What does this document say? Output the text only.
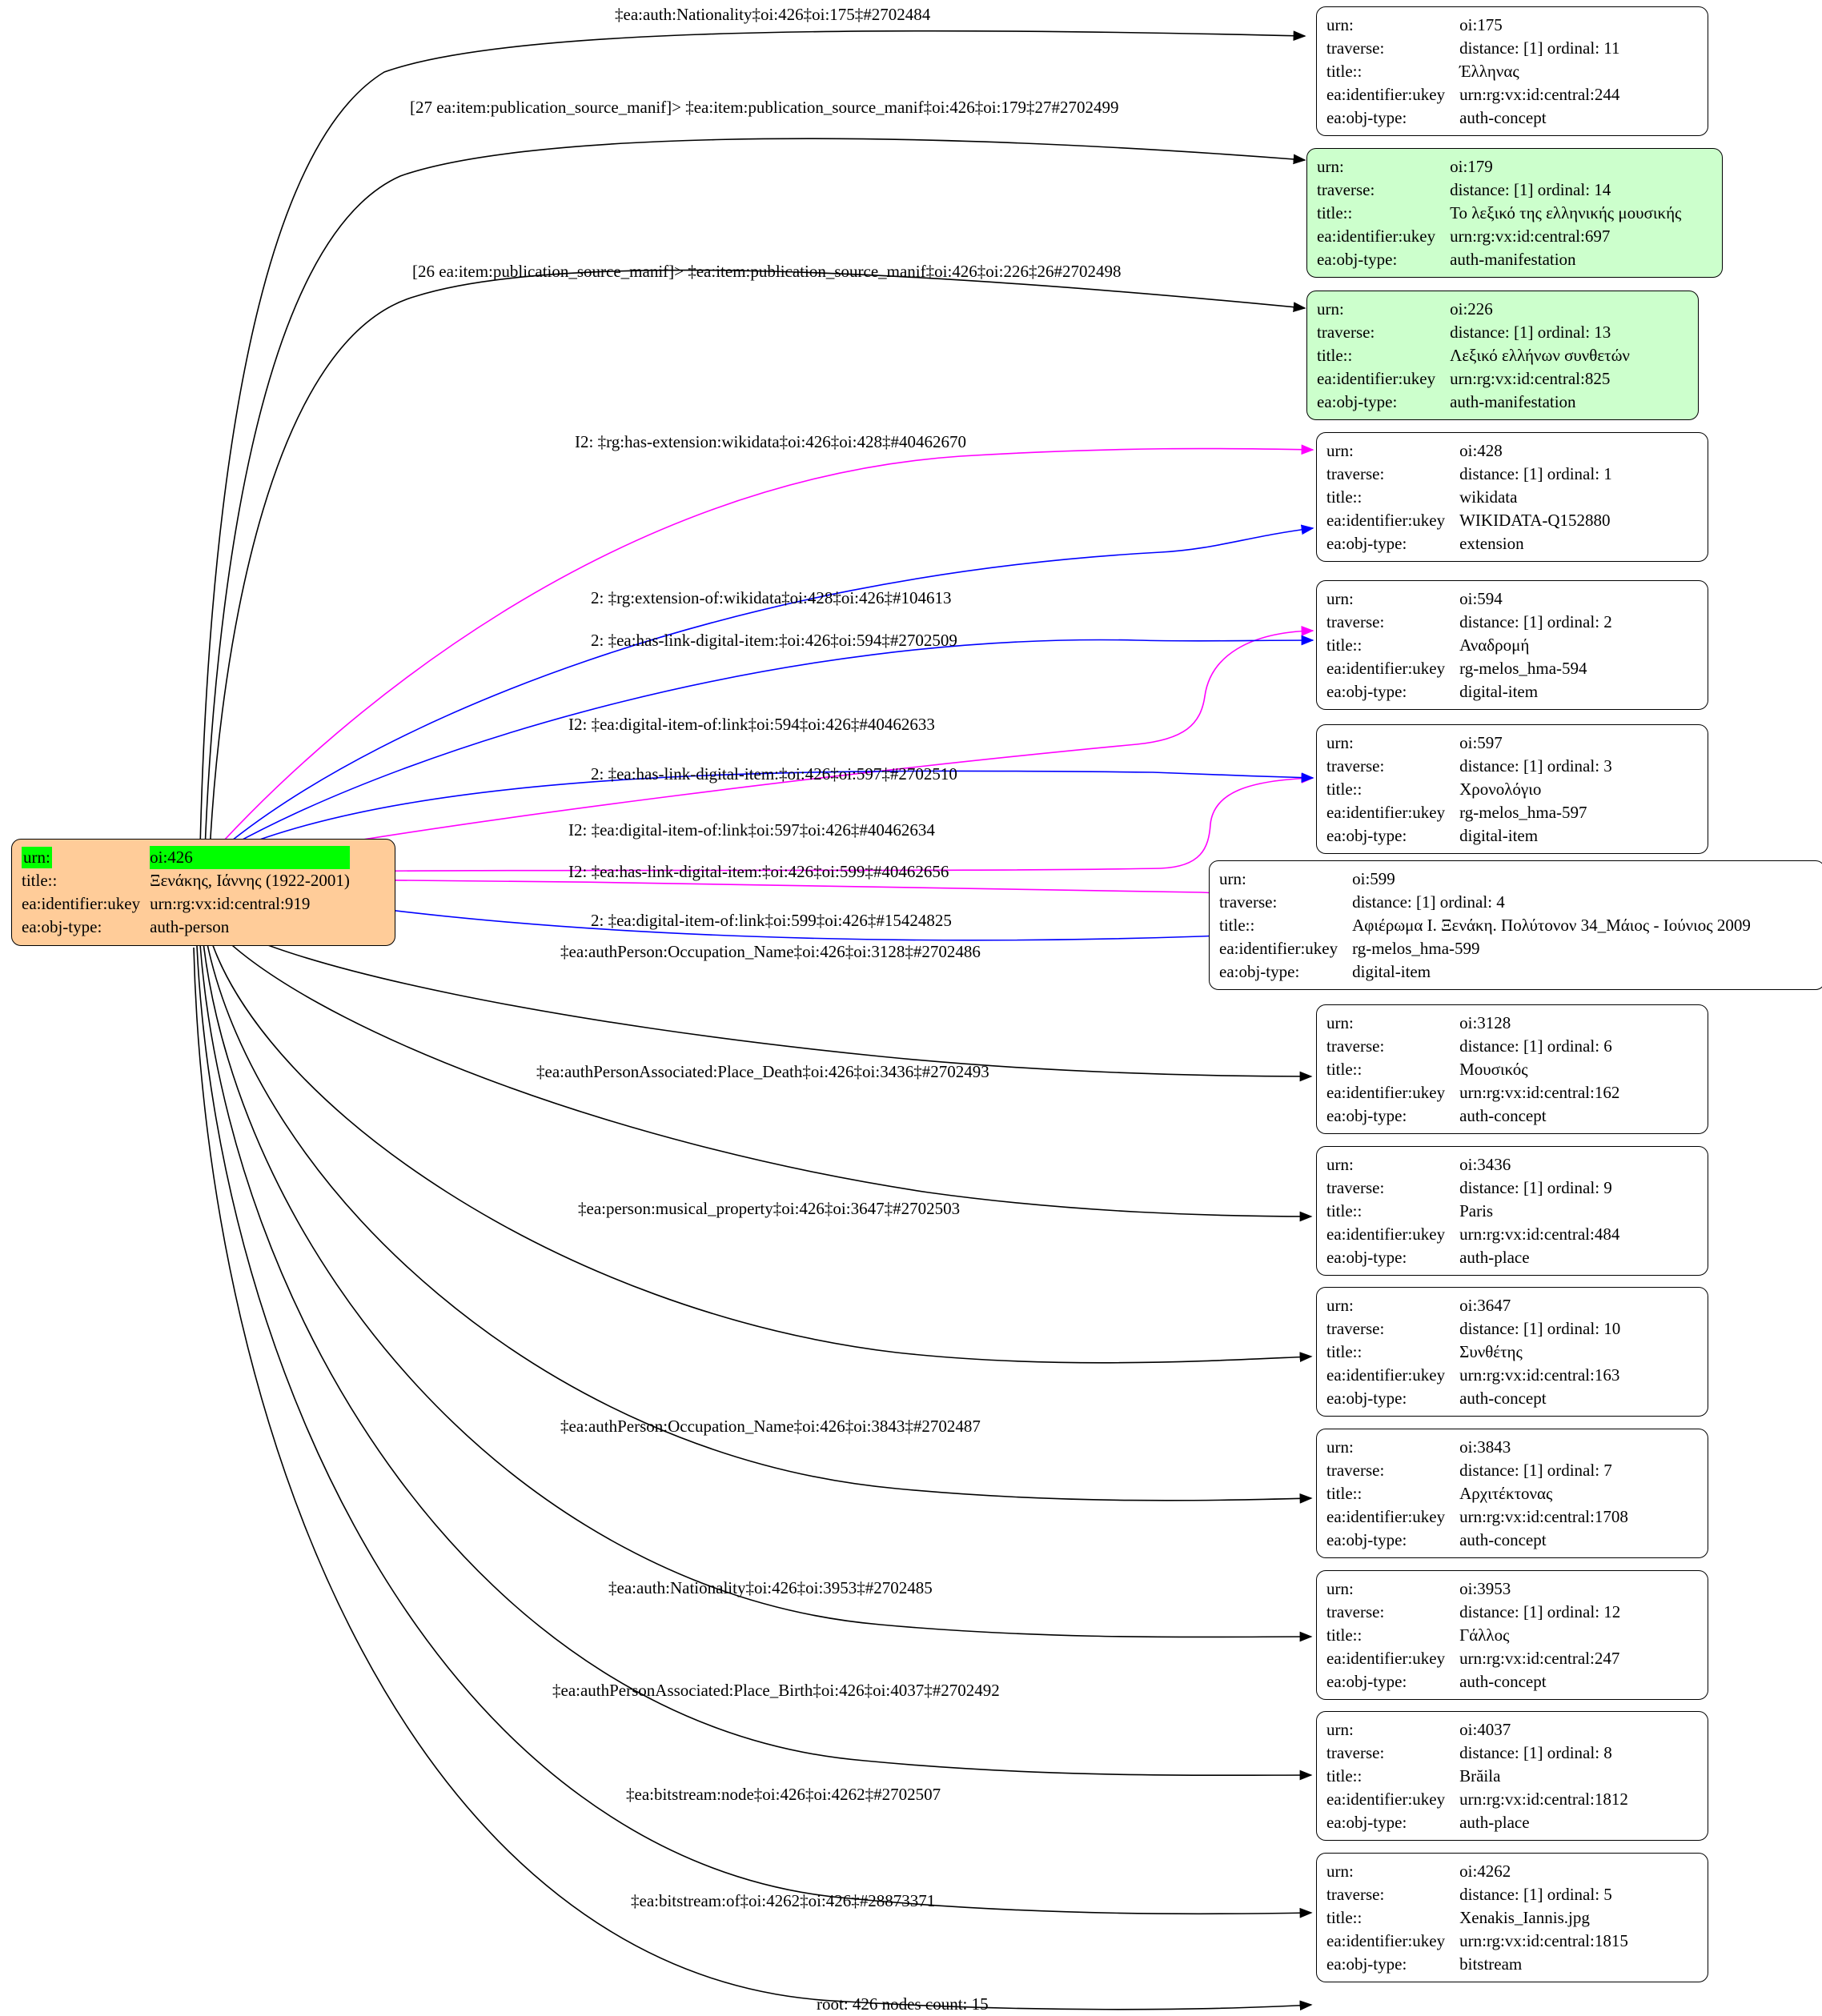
urn:	oi:426
title::	Ξενάκης, Ιάννης (1922-2001)
ea:identifier:ukey	urn:rg:vx:id:central:919
ea:obj-type:	auth-person
urn:	oi:175
traverse:	distance: [1] ordinal: 11
title::	Έλληνας
ea:identifier:ukey	urn:rg:vx:id:central:244
ea:obj-type:	auth-concept
urn:	oi:179
traverse:	distance: [1] ordinal: 14
title::	Το λεξικό της ελληνικής μουσικής
ea:identifier:ukey	urn:rg:vx:id:central:697
ea:obj-type:	auth-manifestation
urn:	oi:226
traverse:	distance: [1] ordinal: 13
title::	Λεξικό ελλήνων συνθετών
ea:identifier:ukey	urn:rg:vx:id:central:825
ea:obj-type:	auth-manifestation
urn:	oi:428
traverse:	distance: [1] ordinal: 1
title::	wikidata
ea:identifier:ukey	WIKIDATA-Q152880
ea:obj-type:	extension
urn:	oi:594
traverse:	distance: [1] ordinal: 2
title::	Αναδρομή
ea:identifier:ukey	rg-melos_hma-594
ea:obj-type:	digital-item
urn:	oi:597
traverse:	distance: [1] ordinal: 3
title::	Χρονολόγιο
ea:identifier:ukey	rg-melos_hma-597
ea:obj-type:	digital-item
urn:	oi:599
traverse:	distance: [1] ordinal: 4
title::	Αφιέρωμα Ι. Ξενάκη. Πολύτονον 34_Μάιος - Ιούνιος 2009
ea:identifier:ukey	rg-melos_hma-599
ea:obj-type:	digital-item
urn:	oi:3128
traverse:	distance: [1] ordinal: 6
title::	Μουσικός
ea:identifier:ukey	urn:rg:vx:id:central:162
ea:obj-type:	auth-concept
urn:	oi:3436
traverse:	distance: [1] ordinal: 9
title::	Paris
ea:identifier:ukey	urn:rg:vx:id:central:484
ea:obj-type:	auth-place
urn:	oi:3647
traverse:	distance: [1] ordinal: 10
title::	Συνθέτης
ea:identifier:ukey	urn:rg:vx:id:central:163
ea:obj-type:	auth-concept
urn:	oi:3843
traverse:	distance: [1] ordinal: 7
title::	Αρχιτέκτονας
ea:identifier:ukey	urn:rg:vx:id:central:1708
ea:obj-type:	auth-concept
urn:	oi:3953
traverse:	distance: [1] ordinal: 12
title::	Γάλλος
ea:identifier:ukey	urn:rg:vx:id:central:247
ea:obj-type:	auth-concept
urn:	oi:4037
traverse:	distance: [1] ordinal: 8
title::	Brăila
ea:identifier:ukey	urn:rg:vx:id:central:1812
ea:obj-type:	auth-place
urn:	oi:4262
traverse:	distance: [1] ordinal: 5
title::	Xenakis_Iannis.jpg
ea:identifier:ukey	urn:rg:vx:id:central:1815
ea:obj-type:	bitstream
‡ea:auth:Nationality‡oi:426‡oi:175‡#2702484
[27 ea:item:publication_source_manif]> ‡ea:item:publication_source_manif‡oi:426‡oi:179‡27#2702499
[26 ea:item:publication_source_manif]> ‡ea:item:publication_source_manif‡oi:426‡oi:226‡26#2702498
I2: ‡rg:has-extension:wikidata‡oi:426‡oi:428‡#40462670
2: ‡rg:extension-of:wikidata‡oi:428‡oi:426‡#104613
2: ‡ea:has-link-digital-item:‡oi:426‡oi:594‡#2702509
I2: ‡ea:digital-item-of:link‡oi:594‡oi:426‡#40462633
2: ‡ea:has-link-digital-item:‡oi:426‡oi:597‡#2702510
I2: ‡ea:digital-item-of:link‡oi:597‡oi:426‡#40462634
I2: ‡ea:has-link-digital-item:‡oi:426‡oi:599‡#40462656
2: ‡ea:digital-item-of:link‡oi:599‡oi:426‡#15424825
‡ea:authPerson:Occupation_Name‡oi:426‡oi:3128‡#2702486
‡ea:authPersonAssociated:Place_Death‡oi:426‡oi:3436‡#2702493
‡ea:person:musical_property‡oi:426‡oi:3647‡#2702503
‡ea:authPerson:Occupation_Name‡oi:426‡oi:3843‡#2702487
‡ea:auth:Nationality‡oi:426‡oi:3953‡#2702485
‡ea:authPersonAssociated:Place_Birth‡oi:426‡oi:4037‡#2702492
‡ea:bitstream:node‡oi:426‡oi:4262‡#2702507
‡ea:bitstream:of‡oi:4262‡oi:426‡#28873371
root: 426 nodes count: 15
